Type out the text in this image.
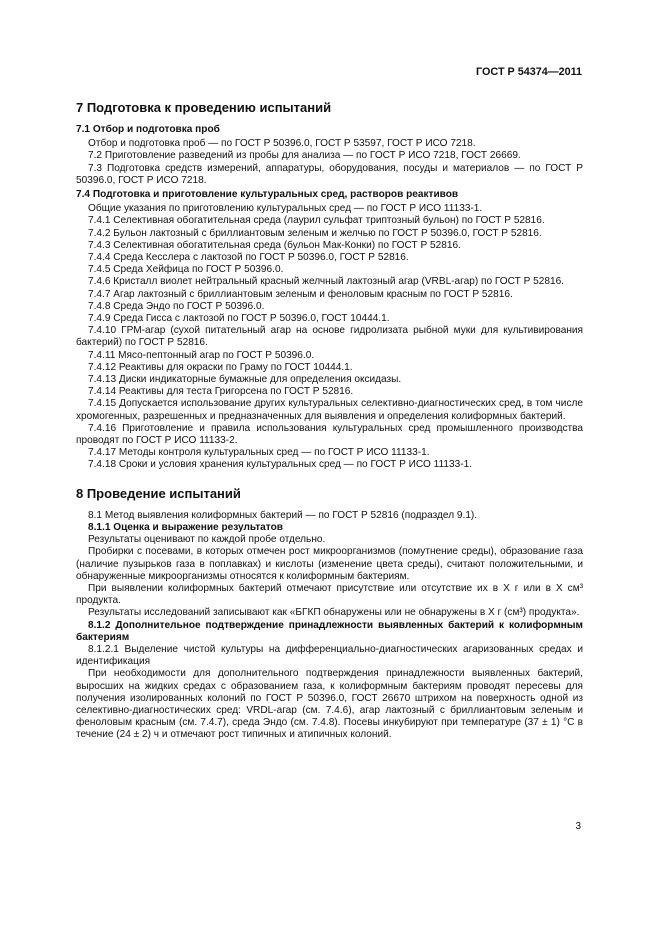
ГОСТ Р 54374—2011

7 Подготовка к проведению испытаний

7.1 Отбор и подготовка проб

Отбор и подготовка проб — по ГОСТ Р 50396.0, ГОСТ Р 53597, ГОСТ Р ИСО 7218.

7.2 Приготовление разведений из пробы для анализа — по ГОСТ Р ИСО 7218, ГОСТ 26669.

7.3 Подготовка средств измерений, аппаратуры, оборудования, посуды и материалов — по ГОСТ Р 50396.0, ГОСТ Р ИСО 7218.

7.4 Подготовка и приготовление культуральных сред, растворов реактивов

Общие указания по приготовлению культуральных сред — по ГОСТ Р ИСО 11133-1.

7.4.1 Селективная обогатительная среда (лаурил сульфат триптозный бульон) по ГОСТ Р 52816.

7.4.2 Бульон лактозный с бриллиантовым зеленым и желчью по ГОСТ Р 50396.0, ГОСТ Р 52816.

7.4.3 Селективная обогатительная среда (бульон Мак-Конки) по ГОСТ Р 52816.

7.4.4 Среда Кесслера с лактозой по ГОСТ Р 50396.0, ГОСТ Р 52816.

7.4.5 Среда Хейфица по ГОСТ Р 50396.0.

7.4.6 Кристалл виолет нейтральный красный желчный лактозный агар (VRBL-агар) по ГОСТ Р 52816.

7.4.7 Агар лактозный с бриллиантовым зеленым и феноловым красным по ГОСТ Р 52816.

7.4.8 Среда Эндо по ГОСТ Р 50396.0.

7.4.9 Среда Гисса с лактозой по ГОСТ Р 50396.0, ГОСТ 10444.1.

7.4.10 ГРМ-агар (сухой питательный агар на основе гидролизата рыбной муки для культивирования бактерий) по ГОСТ Р 52816.

7.4.11 Мясо-пептонный агар по ГОСТ Р 50396.0.

7.4.12 Реактивы для окраски по Граму по ГОСТ 10444.1.

7.4.13 Диски индикаторные бумажные для определения оксидазы.

7.4.14 Реактивы для теста Григорсена по ГОСТ Р 52816.

7.4.15 Допускается использование других культуральных селективно-диагностических сред, в том числе хромогенных, разрешенных и предназначенных для выявления и определения колиформных бактерий.

7.4.16 Приготовление и правила использования культуральных сред промышленного производства проводят по ГОСТ Р ИСО 11133-2.

7.4.17 Методы контроля культуральных сред — по ГОСТ Р ИСО 11133-1.

7.4.18 Сроки и условия хранения культуральных сред — по ГОСТ Р ИСО 11133-1.

8 Проведение испытаний

8.1 Метод выявления колиформных бактерий — по ГОСТ Р 52816 (подраздел 9.1).

8.1.1 Оценка и выражение результатов

Результаты оценивают по каждой пробе отдельно.

Пробирки с посевами, в которых отмечен рост микроорганизмов (помутнение среды), образование газа (наличие пузырьков газа в поплавках) и кислоты (изменение цвета среды), считают положительными, и обнаруженные микроорганизмы относятся к колиформным бактериям.

При выявлении колиформных бактерий отмечают присутствие или отсутствие их в X г или в X см³ продукта.

Результаты исследований записывают как «БГКП обнаружены или не обнаружены в X г (см³) продукта».

8.1.2 Дополнительное подтверждение принадлежности выявленных бактерий к колиформным бактериям

8.1.2.1 Выделение чистой культуры на дифференциально-диагностических агаризованных средах и идентификация

При необходимости для дополнительного подтверждения принадлежности выявленных бактерий, выросших на жидких средах с образованием газа, к колиформным бактериям проводят пересевы для получения изолированных колоний по ГОСТ Р 50396.0, ГОСТ 26670 штрихом на поверхность одной из селективно-диагностических сред: VRDL-агар (см. 7.4.6), агар лактозный с бриллиантовым зеленым и феноловым красным (см. 7.4.7), среда Эндо (см. 7.4.8). Посевы инкубируют при температуре (37 ± 1) °С в течение (24 ± 2) ч и отмечают рост типичных и атипичных колоний.

3
